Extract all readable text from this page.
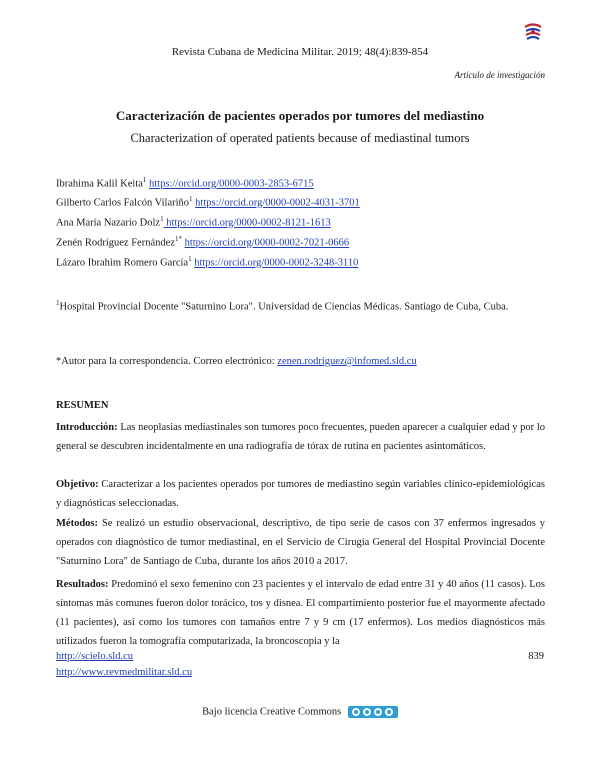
Revista Cubana de Medicina Militar. 2019; 48(4):839-854
Artículo de investigación
Caracterización de pacientes operados por tumores del mediastino
Characterization of operated patients because of mediastinal tumors
Ibrahima Kalil Keita$^1$ https://orcid.org/0000-0003-2853-6715
Gilberto Carlos Falcón Vilariño$^1$ https://orcid.org/0000-0002-4031-3701
Ana María Nazario Dolz$^1$ https://orcid.org/0000-0002-8121-1613
Zenén Rodríguez Fernández$^{1*}$ https://orcid.org/0000-0002-7021-0666
Lázaro Ibrahim Romero García$^1$ https://orcid.org/0000-0002-3248-3110
$^1$Hospital Provincial Docente "Saturnino Lora". Universidad de Ciencias Médicas. Santiago de Cuba, Cuba.
*Autor para la correspondencia. Correo electrónico: zenen.rodriguez@infomed.sld.cu
RESUMEN
Introducción: Las neoplasias mediastinales son tumores poco frecuentes, pueden aparecer a cualquier edad y por lo general se descubren incidentalmente en una radiografía de tórax de rutina en pacientes asintomáticos.
Objetivo: Caracterizar a los pacientes operados por tumores de mediastino según variables clínico-epidemiológicas y diagnósticas seleccionadas.
Métodos: Se realizó un estudio observacional, descriptivo, de tipo serie de casos con 37 enfermos ingresados y operados con diagnóstico de tumor mediastinal, en el Servicio de Cirugía General del Hospital Provincial Docente "Saturnino Lora" de Santiago de Cuba, durante los años 2010 a 2017.
Resultados: Predominó el sexo femenino con 23 pacientes y el intervalo de edad entre 31 y 40 años (11 casos). Los síntomas más comunes fueron dolor torácico, tos y disnea. El compartimiento posterior fue el mayormente afectado (11 pacientes), así como los tumores con tamaños entre 7 y 9 cm (17 enfermos). Los medios diagnósticos más utilizados fueron la tomografía computarizada, la broncoscopia y la
http://scielo.sld.cu
http://www.revmedmilitar.sld.cu
839
Bajo licencia Creative Commons
